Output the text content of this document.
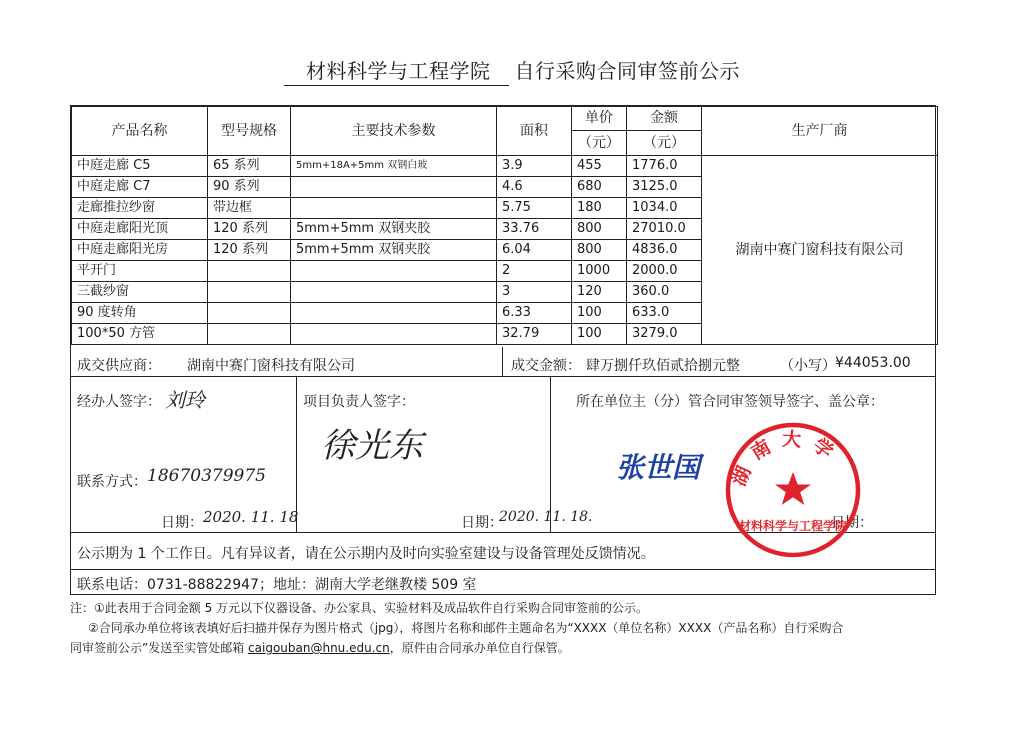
材料科学与工程学院 自行采购合同审签前公示
产品名称	型号规格	主要技术参数	面积	单价	金额	生产厂商
				（元）	（元）	
中庭走廊 C5	65 系列	5mm+18A+5mm 双钢白玻	3.9	455	1776.0	湖南中赛门窗科技有限公司
中庭走廊 C7	90 系列		4.6	680	3125.0	
走廊推拉纱窗	带边框		5.75	180	1034.0	
中庭走廊阳光顶	120 系列	5mm+5mm 双钢夹胶	33.76	800	27010.0	
中庭走廊阳光房	120 系列	5mm+5mm 双钢夹胶	6.04	800	4836.0	
平开门			2	1000	2000.0	
三截纱窗			3	120	360.0	
90 度转角			6.33	100	633.0	
100*50 方管			32.79	100	3279.0	
成交供应商： 湖南中赛门窗科技有限公司	成交金额： 肆万捌仟玖佰贰拾捌元整	（小写） ¥44053.00
经办人签字： 刘玲
联系方式： 18670379975
日期： 2020. 11. 18
项目负责人签字：
徐光东
日期：
2020. 11. 18.
所在单位主（分）管合同审签领导签字、盖公章：
张世国
日期：
公示期为 1 个工作日。凡有异议者，请在公示期内及时向实验室建设与设备管理处反馈情况。
联系电话：0731-88822947；地址：湖南大学老继教楼 509 室
湖南大学
材料科学与工程学院

注：①此表用于合同金额 5 万元以下仪器设备、办公家具、实验材料及成品软件自行采购合同审签前的公示。

②合同承办单位将该表填好后扫描并保存为图片格式（jpg），将图片名称和邮件主题命名为“XXXX（单位名称）XXXX（产品名称）自行采购合

同审签前公示”发送至实管处邮箱 caigouban@hnu.edu.cn，原件由合同承办单位自行保管。
